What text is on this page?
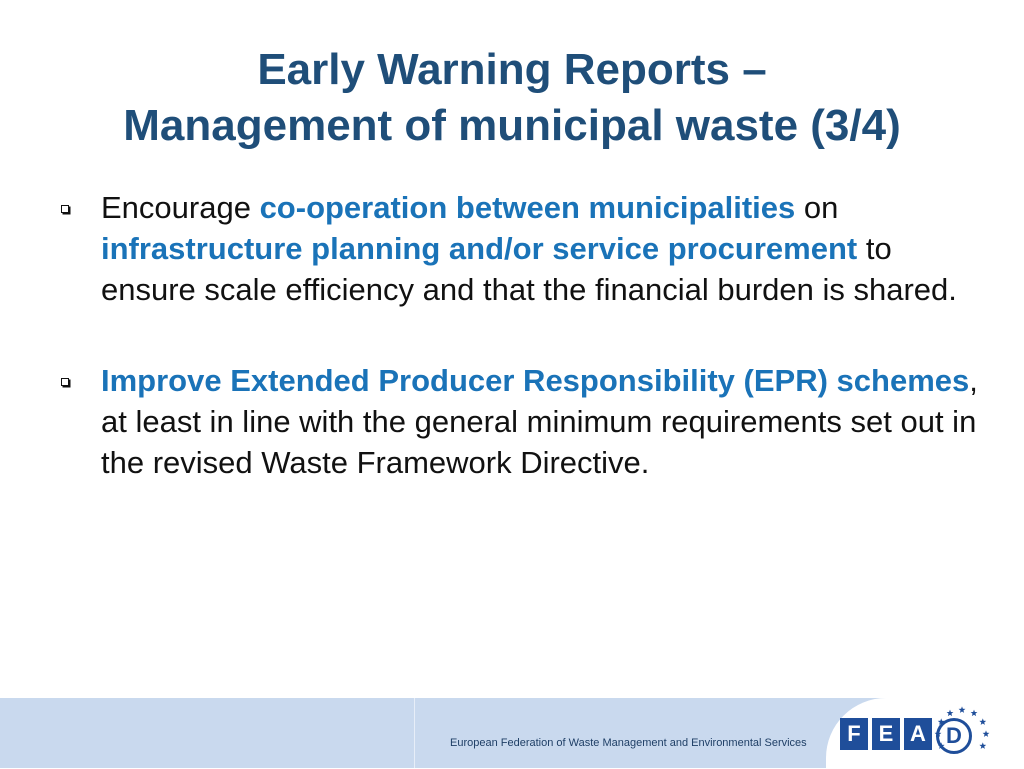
Early Warning Reports –
Management of municipal waste (3/4)
Encourage co-operation between municipalities on infrastructure planning and/or service procurement to ensure scale efficiency and that the financial burden is shared.
Improve Extended Producer Responsibility (EPR) schemes, at least in line with the general minimum requirements set out in the revised Waste Framework Directive.
European Federation of Waste Management and Environmental Services	F E A D
